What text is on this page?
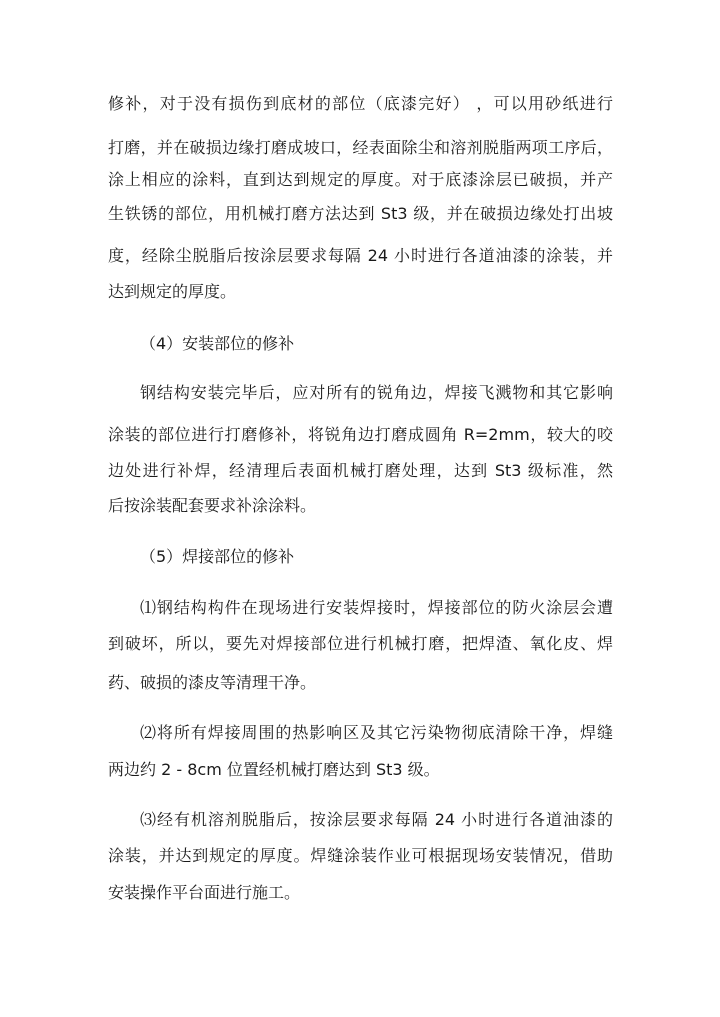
修补，对于没有损伤到底材的部位（底漆完好） ，可以用砂纸进行
打磨，并在破损边缘打磨成坡口，经表面除尘和溶剂脱脂两项工序后，
涂上相应的涂料，直到达到规定的厚度。对于底漆涂层已破损，并产
生铁锈的部位，用机械打磨方法达到 St3 级，并在破损边缘处打出坡
度，经除尘脱脂后按涂层要求每隔 24 小时进行各道油漆的涂装，并
达到规定的厚度。
（4）安装部位的修补
钢结构安装完毕后，应对所有的锐角边，焊接飞溅物和其它影响
涂装的部位进行打磨修补，将锐角边打磨成圆角 R=2mm，较大的咬
边处进行补焊，经清理后表面机械打磨处理，达到 St3 级标准，然
后按涂装配套要求补涂涂料。
（5）焊接部位的修补
⑴钢结构构件在现场进行安装焊接时，焊接部位的防火涂层会遭
到破坏，所以，要先对焊接部位进行机械打磨，把焊渣、氧化皮、焊
药、破损的漆皮等清理干净。
⑵将所有焊接周围的热影响区及其它污染物彻底清除干净，焊缝
两边约 2 - 8cm 位置经机械打磨达到 St3 级。
⑶经有机溶剂脱脂后，按涂层要求每隔 24 小时进行各道油漆的
涂装，并达到规定的厚度。焊缝涂装作业可根据现场安装情况，借助
安装操作平台面进行施工。
